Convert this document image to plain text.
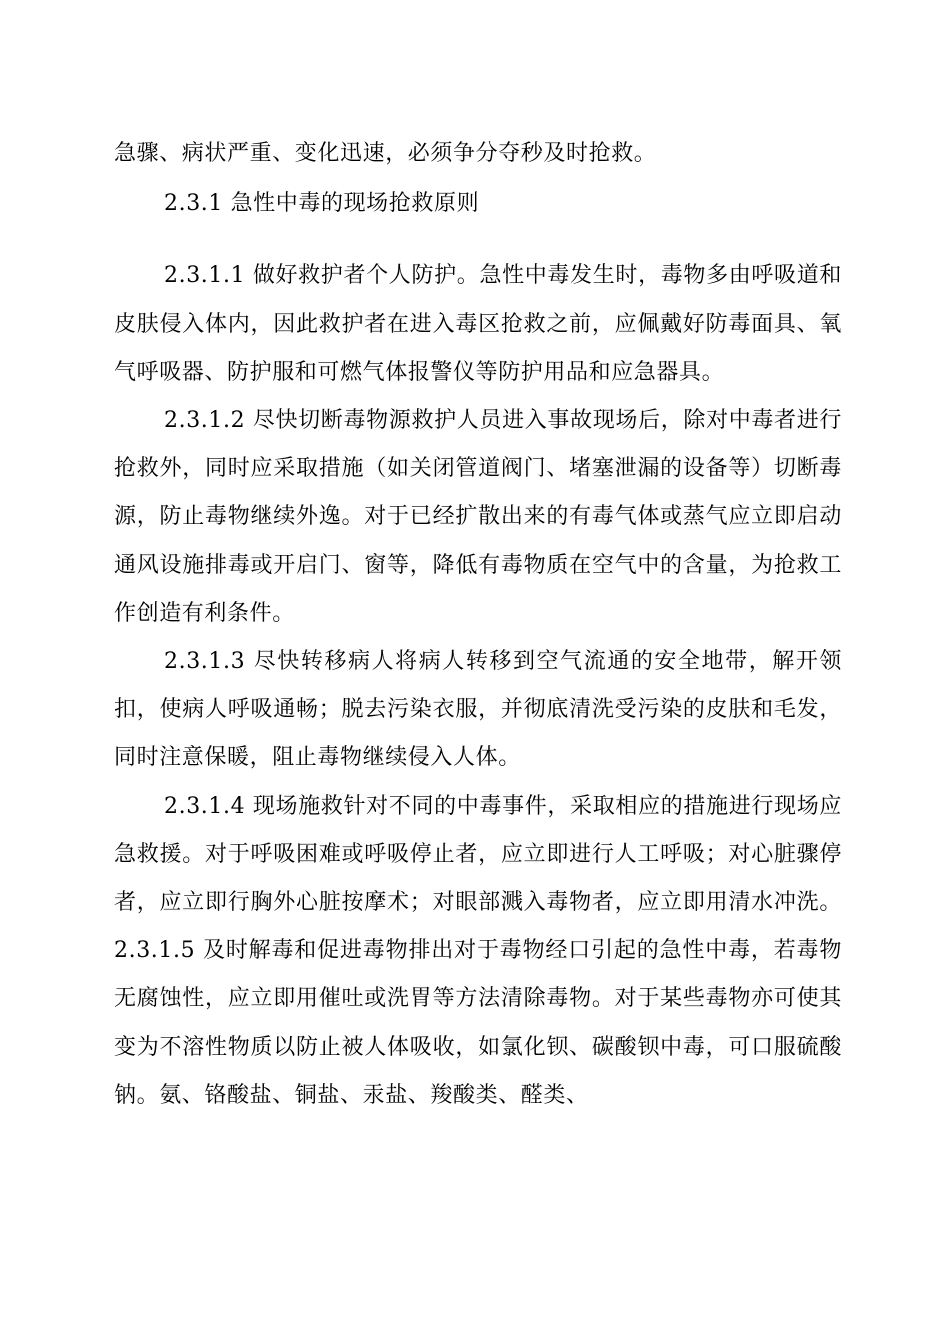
急骤、病状严重、变化迅速，必须争分夺秒及时抢救。

2.3.1 急性中毒的现场抢救原则

2.3.1.1 做好救护者个人防护。急性中毒发生时，毒物多由呼吸道和皮肤侵入体内，因此救护者在进入毒区抢救之前，应佩戴好防毒面具、氧气呼吸器、防护服和可燃气体报警仪等防护用品和应急器具。

2.3.1.2 尽快切断毒物源救护人员进入事故现场后，除对中毒者进行抢救外，同时应采取措施（如关闭管道阀门、堵塞泄漏的设备等）切断毒源，防止毒物继续外逸。对于已经扩散出来的有毒气体或蒸气应立即启动通风设施排毒或开启门、窗等，降低有毒物质在空气中的含量，为抢救工作创造有利条件。

2.3.1.3 尽快转移病人将病人转移到空气流通的安全地带，解开领扣，使病人呼吸通畅；脱去污染衣服，并彻底清洗受污染的皮肤和毛发，同时注意保暖，阻止毒物继续侵入人体。

2.3.1.4 现场施救针对不同的中毒事件，采取相应的措施进行现场应急救援。对于呼吸困难或呼吸停止者，应立即进行人工呼吸；对心脏骤停者，应立即行胸外心脏按摩术；对眼部溅入毒物者，应立即用清水冲洗。2.3.1.5 及时解毒和促进毒物排出对于毒物经口引起的急性中毒，若毒物无腐蚀性，应立即用催吐或洗胃等方法清除毒物。对于某些毒物亦可使其变为不溶性物质以防止被人体吸收，如氯化钡、碳酸钡中毒，可口服硫酸钠。氨、铬酸盐、铜盐、汞盐、羧酸类、醛类、
